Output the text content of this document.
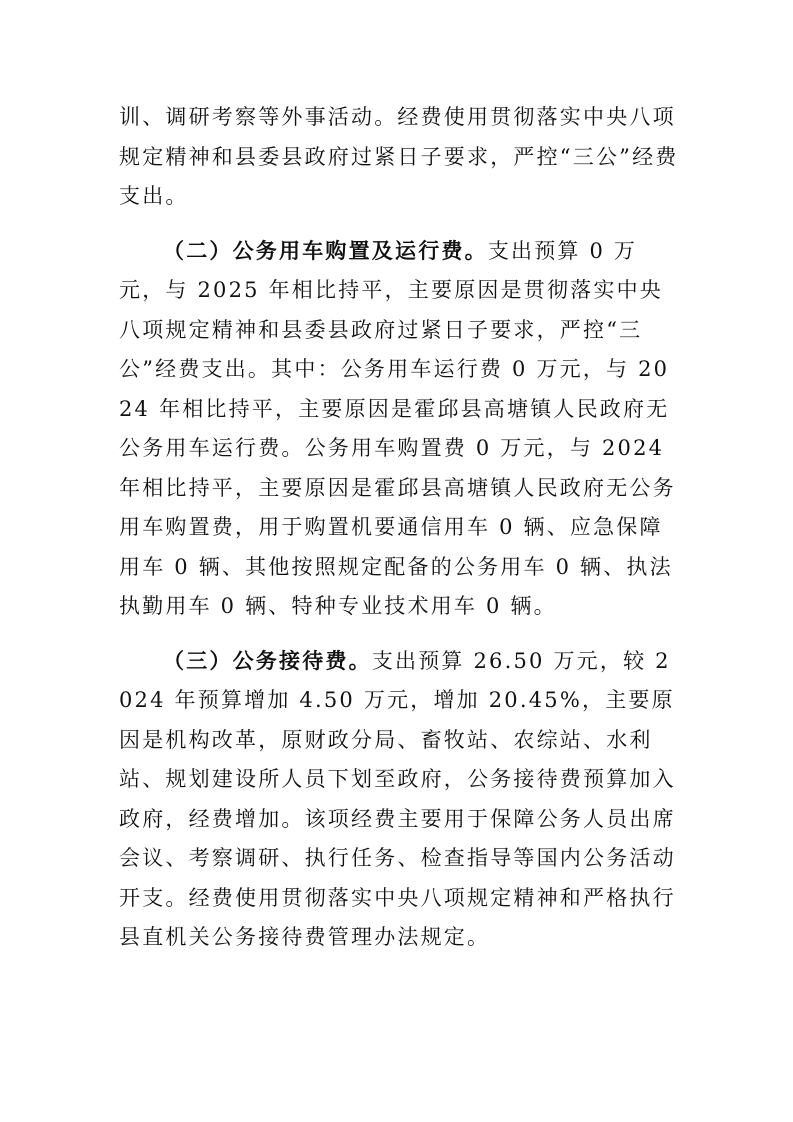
训、调研考察等外事活动。经费使用贯彻落实中央八项规定精神和县委县政府过紧日子要求，严控“三公”经费支出。

（二）公务用车购置及运行费。支出预算 0 万元，与 2025 年相比持平，主要原因是贯彻落实中央八项规定精神和县委县政府过紧日子要求，严控“三公”经费支出。其中：公务用车运行费 0 万元，与 2024 年相比持平，主要原因是霍邱县高塘镇人民政府无公务用车运行费。公务用车购置费 0 万元，与 2024 年相比持平，主要原因是霍邱县高塘镇人民政府无公务用车购置费，用于购置机要通信用车 0 辆、应急保障用车 0 辆、其他按照规定配备的公务用车 0 辆、执法执勤用车 0 辆、特种专业技术用车 0 辆。

（三）公务接待费。支出预算 26.50 万元，较 2024 年预算增加 4.50 万元，增加 20.45%，主要原因是机构改革，原财政分局、畜牧站、农综站、水利站、规划建设所人员下划至政府，公务接待费预算加入政府，经费增加。该项经费主要用于保障公务人员出席会议、考察调研、执行任务、检查指导等国内公务活动开支。经费使用贯彻落实中央八项规定精神和严格执行县直机关公务接待费管理办法规定。
